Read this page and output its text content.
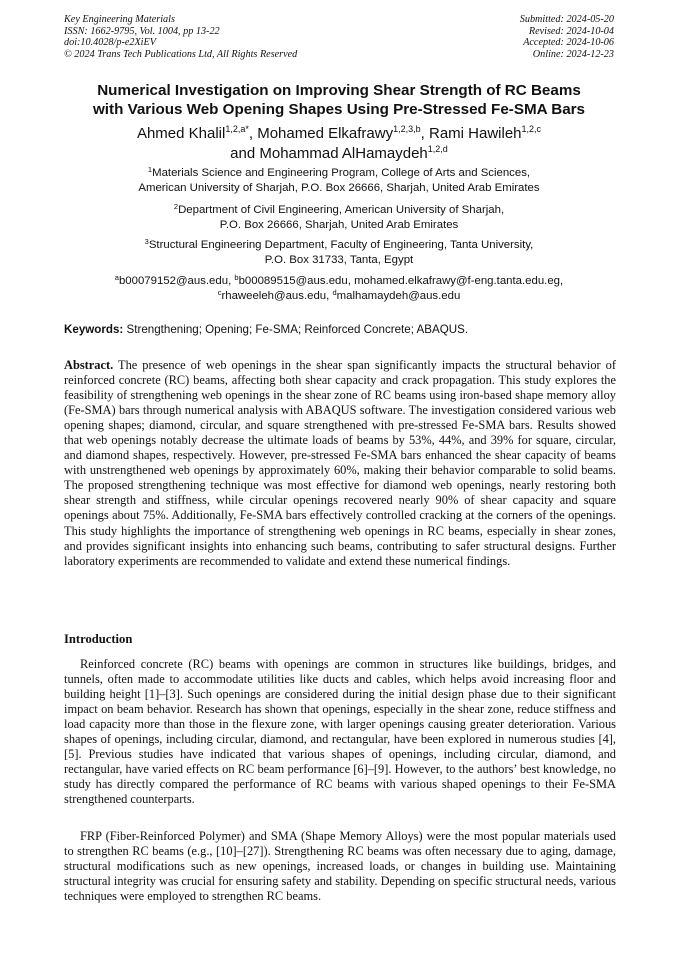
Key Engineering Materials
ISSN: 1662-9795, Vol. 1004, pp 13-22
doi:10.4028/p-e2XiEV
© 2024 Trans Tech Publications Ltd, All Rights Reserved
Submitted: 2024-05-20
Revised: 2024-10-04
Accepted: 2024-10-06
Online: 2024-12-23
Numerical Investigation on Improving Shear Strength of RC Beams
with Various Web Opening Shapes Using Pre-Stressed Fe-SMA Bars
Ahmed Khalil$^{1,2,a*}$, Mohamed Elkafrawy$^{1,2,3,b}$, Rami Hawileh$^{1,2,c}$
and Mohammad AlHamaydeh$^{1,2,d}$
$^1$Materials Science and Engineering Program, College of Arts and Sciences,
American University of Sharjah, P.O. Box 26666, Sharjah, United Arab Emirates
$^2$Department of Civil Engineering, American University of Sharjah,
P.O. Box 26666, Sharjah, United Arab Emirates
$^3$Structural Engineering Department, Faculty of Engineering, Tanta University,
P.O. Box 31733, Tanta, Egypt
$^a$b00079152@aus.edu, $^b$b00089515@aus.edu, mohamed.elkafrawy@f-eng.tanta.edu.eg,
$^c$rhaweeleh@aus.edu, $^d$malhamaydeh@aus.edu
Keywords: Strengthening; Opening; Fe-SMA; Reinforced Concrete; ABAQUS.

Abstract. The presence of web openings in the shear span significantly impacts the structural behavior of reinforced concrete (RC) beams, affecting both shear capacity and crack propagation. This study explores the feasibility of strengthening web openings in the shear zone of RC beams using iron-based shape memory alloy (Fe-SMA) bars through numerical analysis with ABAQUS software. The investigation considered various web opening shapes; diamond, circular, and square strengthened with pre-stressed Fe-SMA bars. Results showed that web openings notably decrease the ultimate loads of beams by 53%, 44%, and 39% for square, circular, and diamond shapes, respectively. However, pre-stressed Fe-SMA bars enhanced the shear capacity of beams with unstrengthened web openings by approximately 60%, making their behavior comparable to solid beams. The proposed strengthening technique was most effective for diamond web openings, nearly restoring both shear strength and stiffness, while circular openings recovered nearly 90% of shear capacity and square openings about 75%. Additionally, Fe-SMA bars effectively controlled cracking at the corners of the openings. This study highlights the importance of strengthening web openings in RC beams, especially in shear zones, and provides significant insights into enhancing such beams, contributing to safer structural designs. Further laboratory experiments are recommended to validate and extend these numerical findings.

Introduction

Reinforced concrete (RC) beams with openings are common in structures like buildings, bridges, and tunnels, often made to accommodate utilities like ducts and cables, which helps avoid increasing floor and building height [1]–[3]. Such openings are considered during the initial design phase due to their significant impact on beam behavior. Research has shown that openings, especially in the shear zone, reduce stiffness and load capacity more than those in the flexure zone, with larger openings causing greater deterioration. Various shapes of openings, including circular, diamond, and rectangular, have been explored in numerous studies [4], [5]. Previous studies have indicated that various shapes of openings, including circular, diamond, and rectangular, have varied effects on RC beam performance [6]–[9]. However, to the authors’ best knowledge, no study has directly compared the performance of RC beams with various shaped openings to their Fe-SMA strengthened counterparts.

FRP (Fiber-Reinforced Polymer) and SMA (Shape Memory Alloys) were the most popular materials used to strengthen RC beams (e.g., [10]–[27]). Strengthening RC beams was often necessary due to aging, damage, structural modifications such as new openings, increased loads, or changes in building use. Maintaining structural integrity was crucial for ensuring safety and stability. Depending on specific structural needs, various techniques were employed to strengthen RC beams.
